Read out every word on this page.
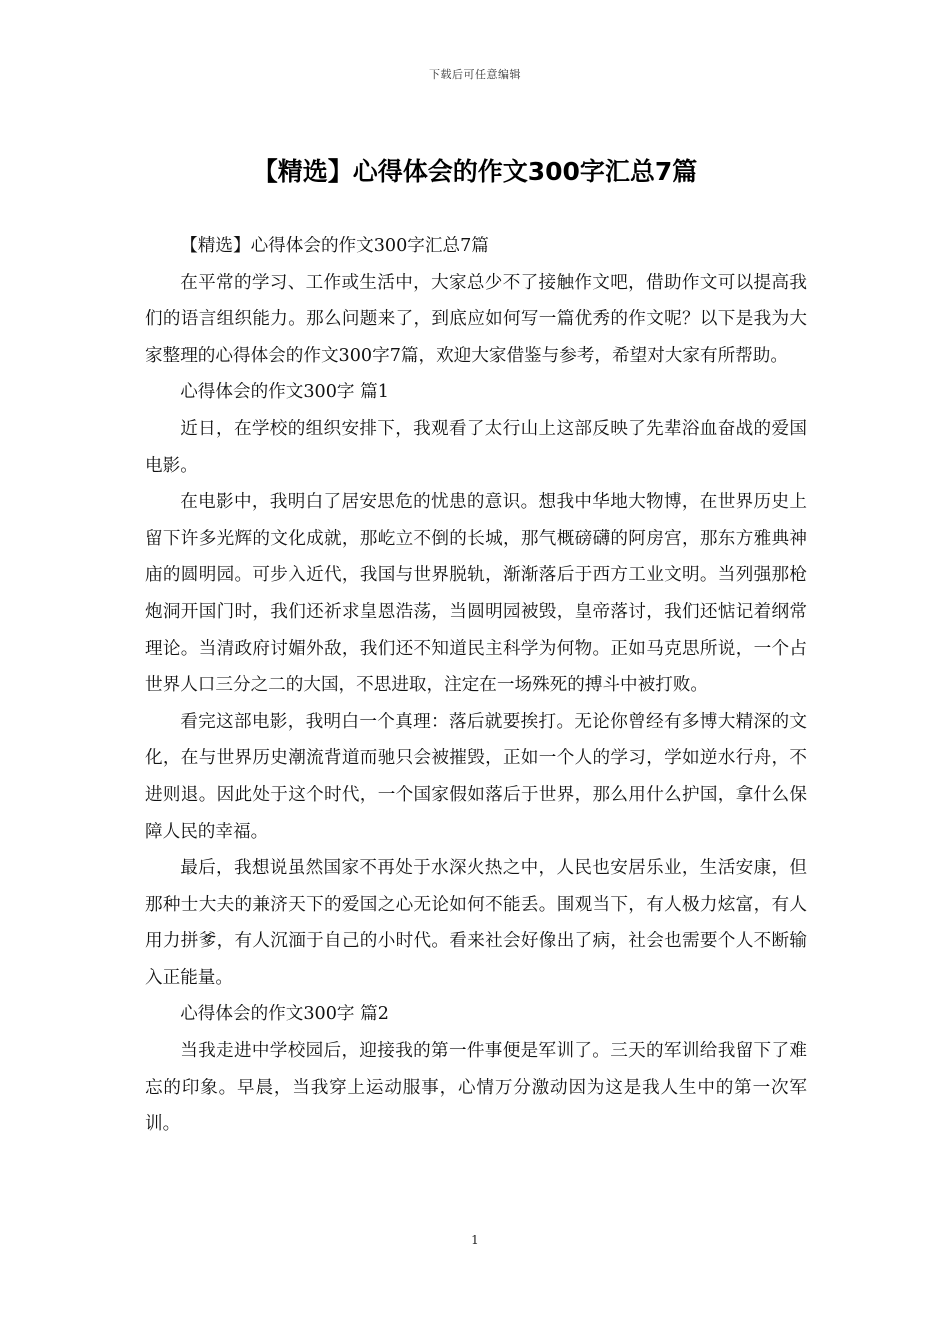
下载后可任意编辑
【精选】心得体会的作文300字汇总7篇

【精选】心得体会的作文300字汇总7篇

在平常的学习、工作或生活中，大家总少不了接触作文吧，借助作文可以提高我们的语言组织能力。那么问题来了，到底应如何写一篇优秀的作文呢？以下是我为大家整理的心得体会的作文300字7篇，欢迎大家借鉴与参考，希望对大家有所帮助。

心得体会的作文300字 篇1

近日，在学校的组织安排下，我观看了太行山上这部反映了先辈浴血奋战的爱国电影。

在电影中，我明白了居安思危的忧患的意识。想我中华地大物博，在世界历史上留下许多光辉的文化成就，那屹立不倒的长城，那气概磅礴的阿房宫，那东方雅典神庙的圆明园。可步入近代，我国与世界脱轨，渐渐落后于西方工业文明。当列强那枪炮洞开国门时，我们还祈求皇恩浩荡，当圆明园被毁，皇帝落讨，我们还惦记着纲常理论。当清政府讨媚外敌，我们还不知道民主科学为何物。正如马克思所说，一个占世界人口三分之二的大国，不思进取，注定在一场殊死的搏斗中被打败。

看完这部电影，我明白一个真理：落后就要挨打。无论你曾经有多博大精深的文化，在与世界历史潮流背道而驰只会被摧毁，正如一个人的学习，学如逆水行舟，不进则退。因此处于这个时代，一个国家假如落后于世界，那么用什么护国，拿什么保障人民的幸福。

最后，我想说虽然国家不再处于水深火热之中，人民也安居乐业，生活安康，但那种士大夫的兼济天下的爱国之心无论如何不能丢。围观当下，有人极力炫富，有人用力拼爹，有人沉湎于自己的小时代。看来社会好像出了病，社会也需要个人不断输入正能量。

心得体会的作文300字 篇2

当我走进中学校园后，迎接我的第一件事便是军训了。三天的军训给我留下了难忘的印象。早晨，当我穿上运动服事，心情万分激动因为这是我人生中的第一次军训。

1
